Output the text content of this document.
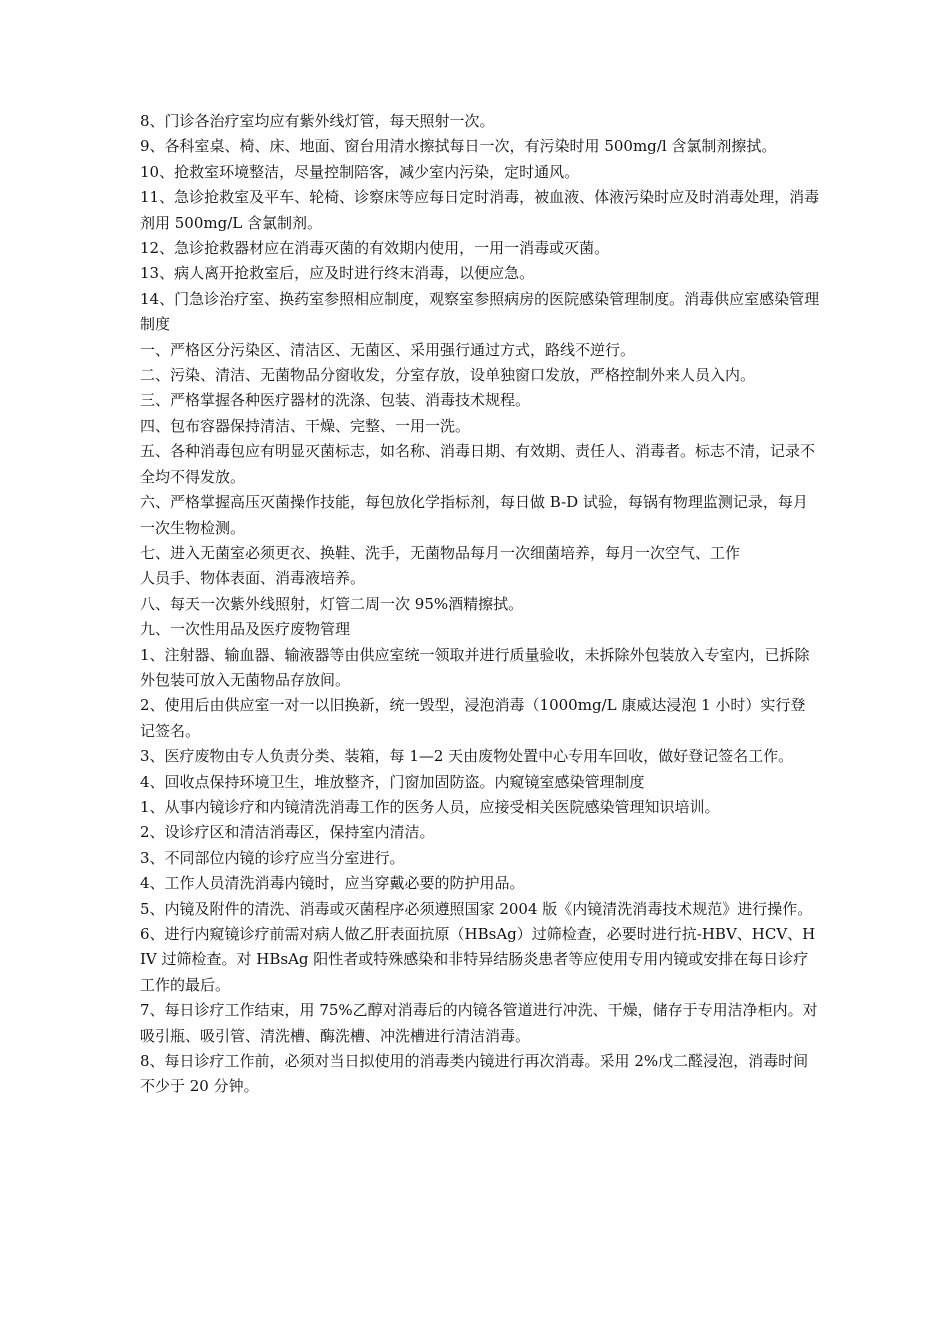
8、门诊各治疗室均应有紫外线灯管，每天照射一次。

9、各科室桌、椅、床、地面、窗台用清水擦拭每日一次，有污染时用 500mg/l 含氯制剂擦拭。

10、抢救室环境整洁，尽量控制陪客，减少室内污染，定时通风。

11、急诊抢救室及平车、轮椅、诊察床等应每日定时消毒，被血液、体液污染时应及时消毒处理，消毒剂用 500mg/L 含氯制剂。

12、急诊抢救器材应在消毒灭菌的有效期内使用，一用一消毒或灭菌。

13、病人离开抢救室后，应及时进行终末消毒，以便应急。

14、门急诊治疗室、换药室参照相应制度，观察室参照病房的医院感染管理制度。消毒供应室感染管理制度

一、严格区分污染区、清洁区、无菌区、采用强行通过方式，路线不逆行。

二、污染、清洁、无菌物品分窗收发，分室存放，设单独窗口发放，严格控制外来人员入内。

三、严格掌握各种医疗器材的洗涤、包装、消毒技术规程。

四、包布容器保持清洁、干燥、完整、一用一洗。

五、各种消毒包应有明显灭菌标志，如名称、消毒日期、有效期、责任人、消毒者。标志不清，记录不全均不得发放。

六、严格掌握高压灭菌操作技能，每包放化学指标剂，每日做 B-D 试验，每锅有物理监测记录，每月一次生物检测。

七、进入无菌室必须更衣、换鞋、洗手，无菌物品每月一次细菌培养，每月一次空气、工作

人员手、物体表面、消毒液培养。

八、每天一次紫外线照射，灯管二周一次 95%酒精擦拭。

九、一次性用品及医疗废物管理

1、注射器、输血器、输液器等由供应室统一领取并进行质量验收，未拆除外包装放入专室内，已拆除外包装可放入无菌物品存放间。

2、使用后由供应室一对一以旧换新，统一毁型，浸泡消毒（1000mg/L 康威达浸泡 1 小时）实行登记签名。

3、医疗废物由专人负责分类、装箱，每 1—2 天由废物处置中心专用车回收，做好登记签名工作。

4、回收点保持环境卫生，堆放整齐，门窗加固防盗。内窥镜室感染管理制度

1、从事内镜诊疗和内镜清洗消毒工作的医务人员，应接受相关医院感染管理知识培训。

2、设诊疗区和清洁消毒区，保持室内清洁。

3、不同部位内镜的诊疗应当分室进行。

4、工作人员清洗消毒内镜时，应当穿戴必要的防护用品。

5、内镜及附件的清洗、消毒或灭菌程序必须遵照国家 2004 版《内镜清洗消毒技术规范》进行操作。

6、进行内窥镜诊疗前需对病人做乙肝表面抗原（HBsAg）过筛检查，必要时进行抗-HBV、HCV、HIV 过筛检查。对 HBsAg 阳性者或特殊感染和非特异结肠炎患者等应使用专用内镜或安排在每日诊疗工作的最后。

7、每日诊疗工作结束，用 75%乙醇对消毒后的内镜各管道进行冲洗、干燥，储存于专用洁净柜内。对吸引瓶、吸引管、清洗槽、酶洗槽、冲洗槽进行清洁消毒。

8、每日诊疗工作前，必须对当日拟使用的消毒类内镜进行再次消毒。采用 2%戊二醛浸泡，消毒时间不少于 20 分钟。
